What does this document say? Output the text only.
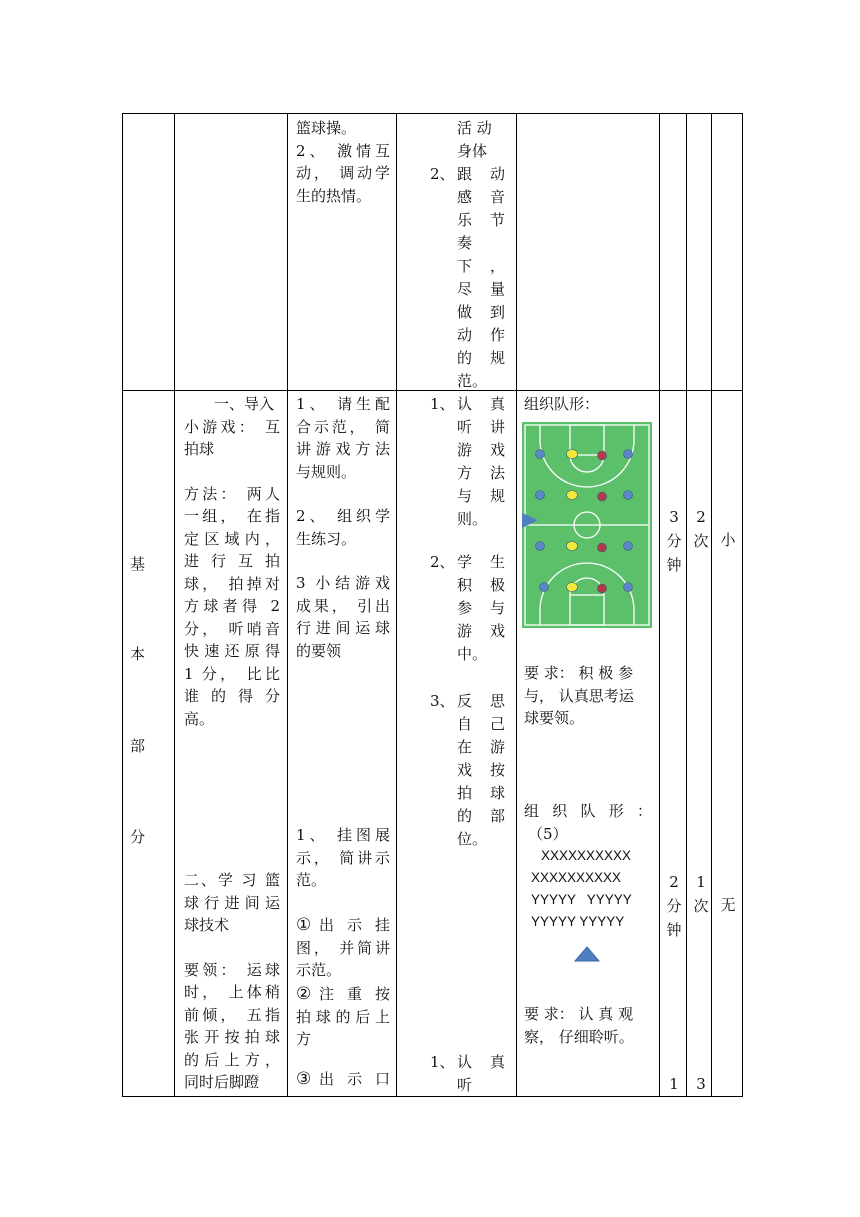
篮球操。

2、 激情互

动， 调动学

生的热情。

活 动
身体
2、 跟 动
感 音
乐 节
奏
下 ，
尽 量
做 到
动 作
的 规
范。
基
本
部
分

一、导入

小游戏： 互

拍球

方法： 两人

一组， 在指

定区域内，

进 行 互 拍

球， 拍掉对

方球者得 2

分， 听哨音

快速还原得

1 分， 比比

谁 的 得 分

高。

二、学 习 篮

球行进间运

球技术

要领： 运球

时， 上体稍

前倾， 五指

张开按拍球

的后上方，

同时后脚蹬

1、 请生配

合示范， 简

讲游戏方法

与规则。

2、 组织学

生练习。

3 小结游戏

成果， 引出

行进间运球

的要领

1、 挂图展

示， 简讲示

范。

① 出 示 挂

图， 并简讲

示范。

② 注 重 按

拍球的后上

方

③ 出 示 口

1、 认 真
听 讲
游 戏
方 法
与 规
则。
2、 学 生
积 极
参 与
游 戏
中。
3、 反 思
自 己
在 游
戏 按
拍 球
的 部
位。
1、 认 真
听
组织队形：

要 求： 积 极 参

与， 认真思考运

球要领。

组 织 队 形 ：

（5）

XXXXXXXXXX
XXXXXXXXXX
YYYYY   YYYYY
YYYYY YYYYY

要 求： 认 真 观

察， 仔细聆听。

3
分
钟
2
次 小
2
分
钟
1
次 无
1	3
